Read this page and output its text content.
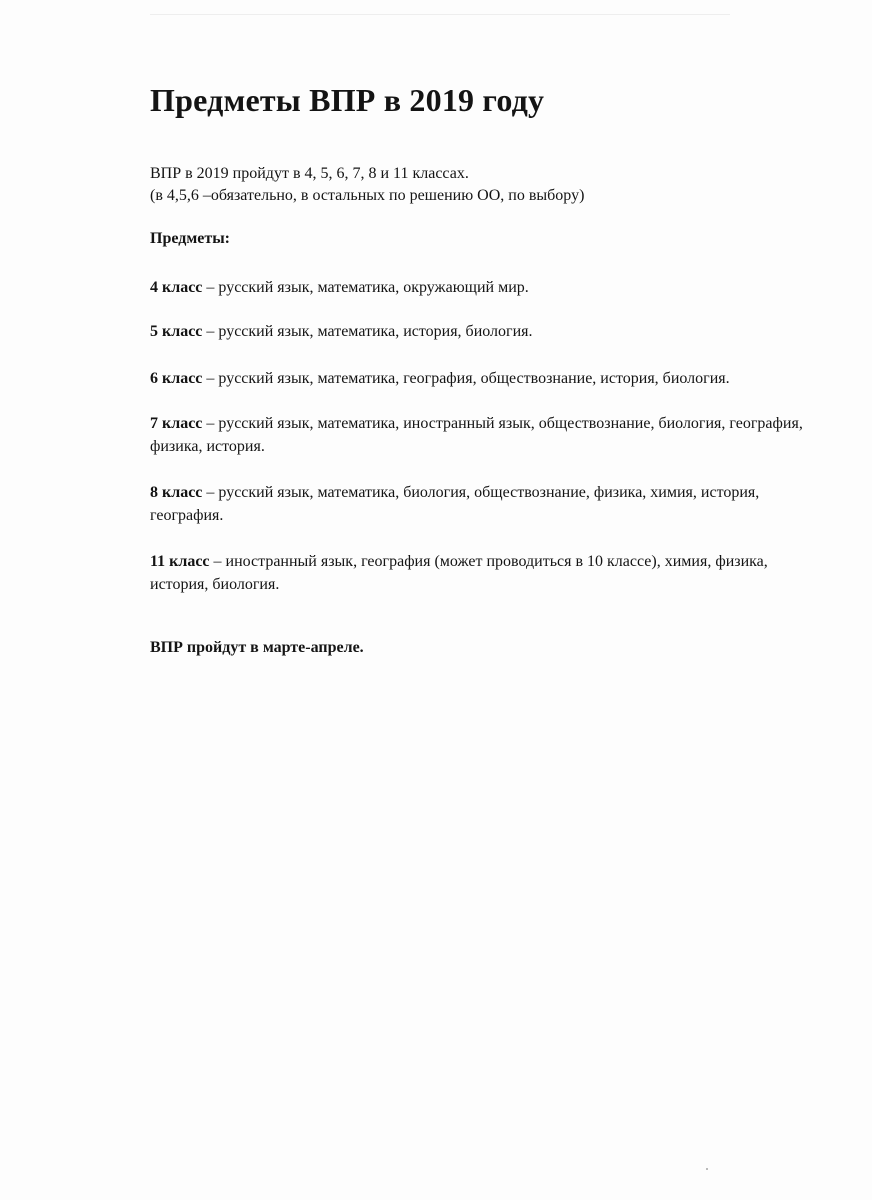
Предметы ВПР в 2019 году
ВПР в 2019 пройдут в 4, 5, 6, 7, 8 и 11 классах.
(в 4,5,6 –обязательно, в остальных по решению ОО, по выбору)
Предметы:

4 класс – русский язык, математика, окружающий мир.

5 класс – русский язык, математика, история, биология.

6 класс – русский язык, математика, география, обществознание, история, биология.

7 класс – русский язык, математика, иностранный язык, обществознание, биология, география, физика, история.

8 класс – русский язык, математика, биология, обществознание, физика, химия, история, география.

11 класс – иностранный язык, география (может проводиться в 10 классе), химия, физика, история, биология.

ВПР пройдут в марте-апреле.
